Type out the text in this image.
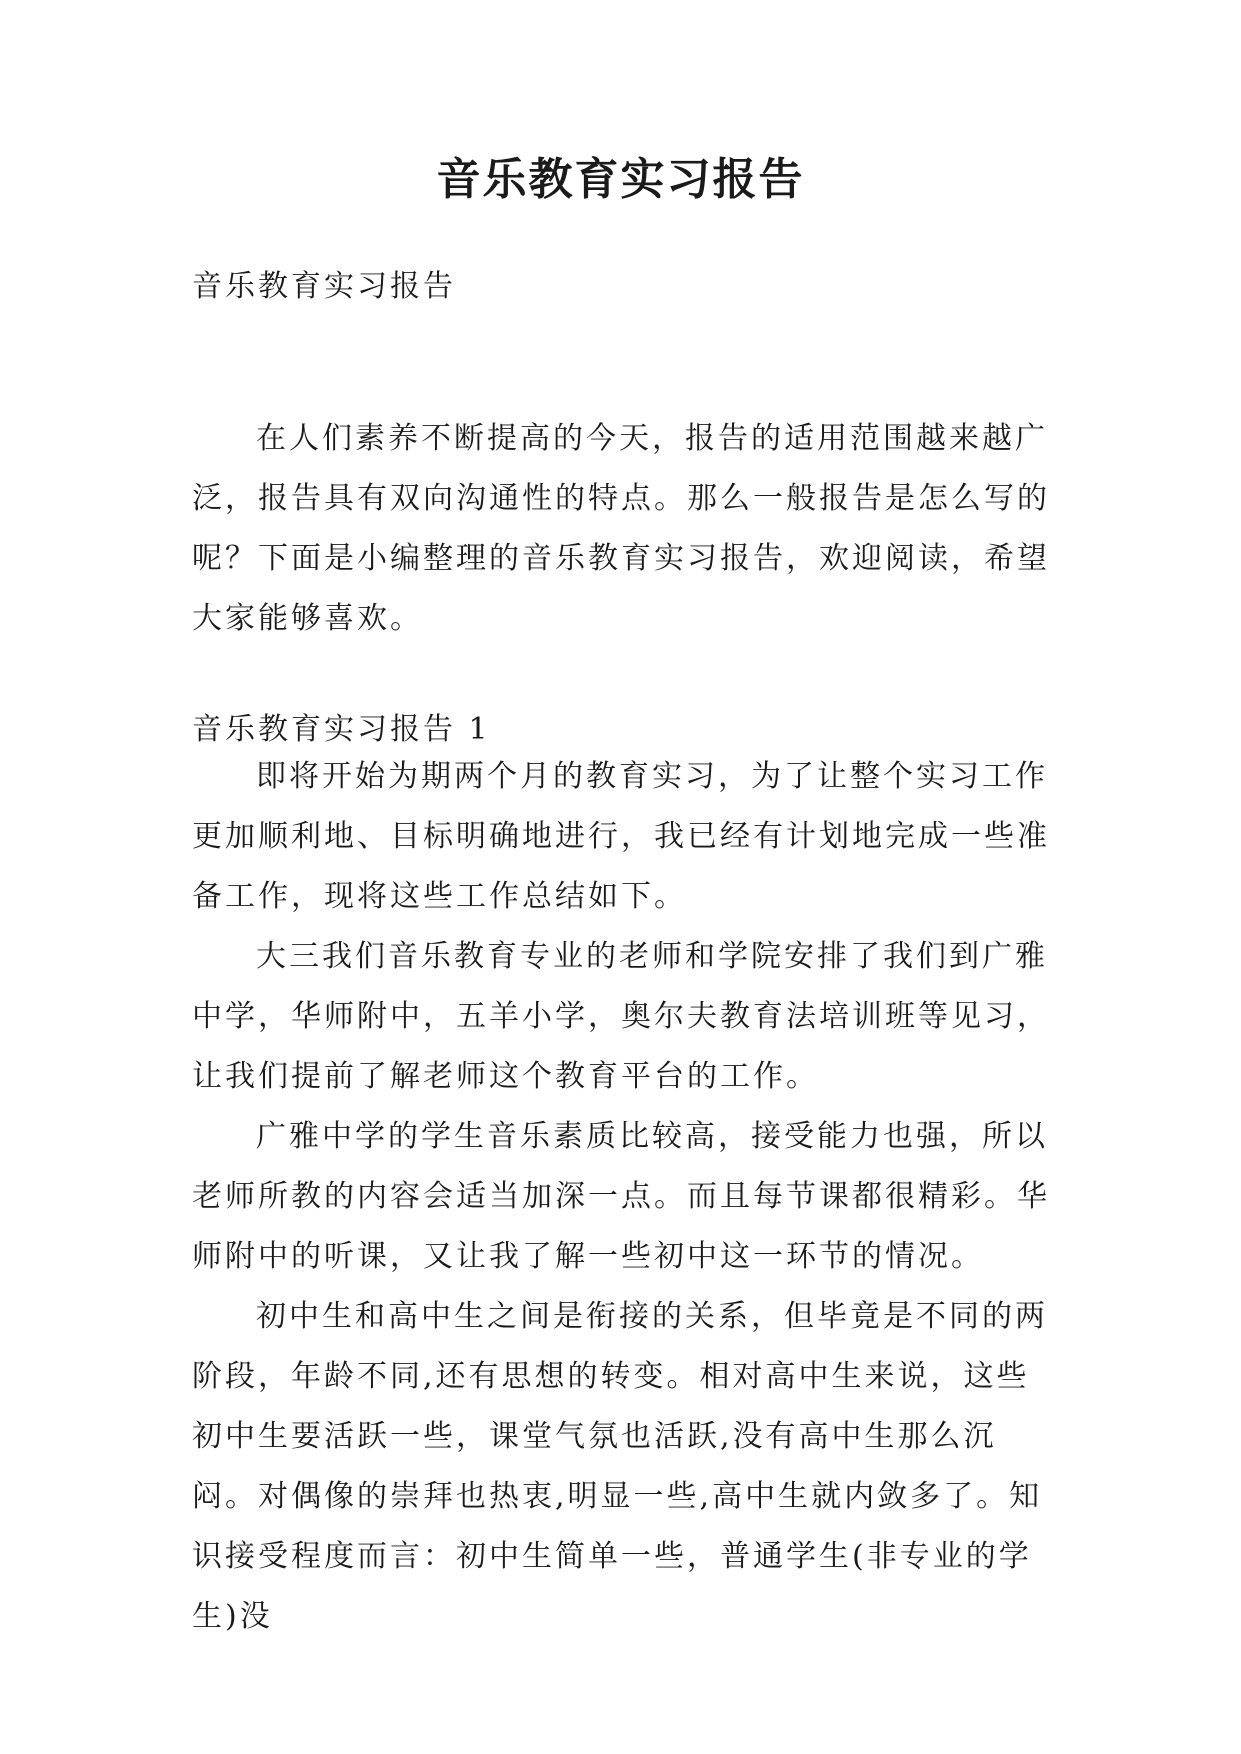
音乐教育实习报告

音乐教育实习报告

在人们素养不断提高的今天，报告的适用范围越来越广泛，报告具有双向沟通性的特点。那么一般报告是怎么写的呢？下面是小编整理的音乐教育实习报告，欢迎阅读，希望大家能够喜欢。

音乐教育实习报告 1

即将开始为期两个月的教育实习，为了让整个实习工作更加顺利地、目标明确地进行，我已经有计划地完成一些准备工作，现将这些工作总结如下。

大三我们音乐教育专业的老师和学院安排了我们到广雅中学，华师附中，五羊小学，奥尔夫教育法培训班等见习，让我们提前了解老师这个教育平台的工作。

广雅中学的学生音乐素质比较高，接受能力也强，所以老师所教的内容会适当加深一点。而且每节课都很精彩。华师附中的听课，又让我了解一些初中这一环节的情况。

初中生和高中生之间是衔接的关系，但毕竟是不同的两阶段，年龄不同,还有思想的转变。相对高中生来说，这些初中生要活跃一些，课堂气氛也活跃,没有高中生那么沉闷。对偶像的崇拜也热衷,明显一些,高中生就内敛多了。知识接受程度而言：初中生简单一些，普通学生(非专业的学生)没
